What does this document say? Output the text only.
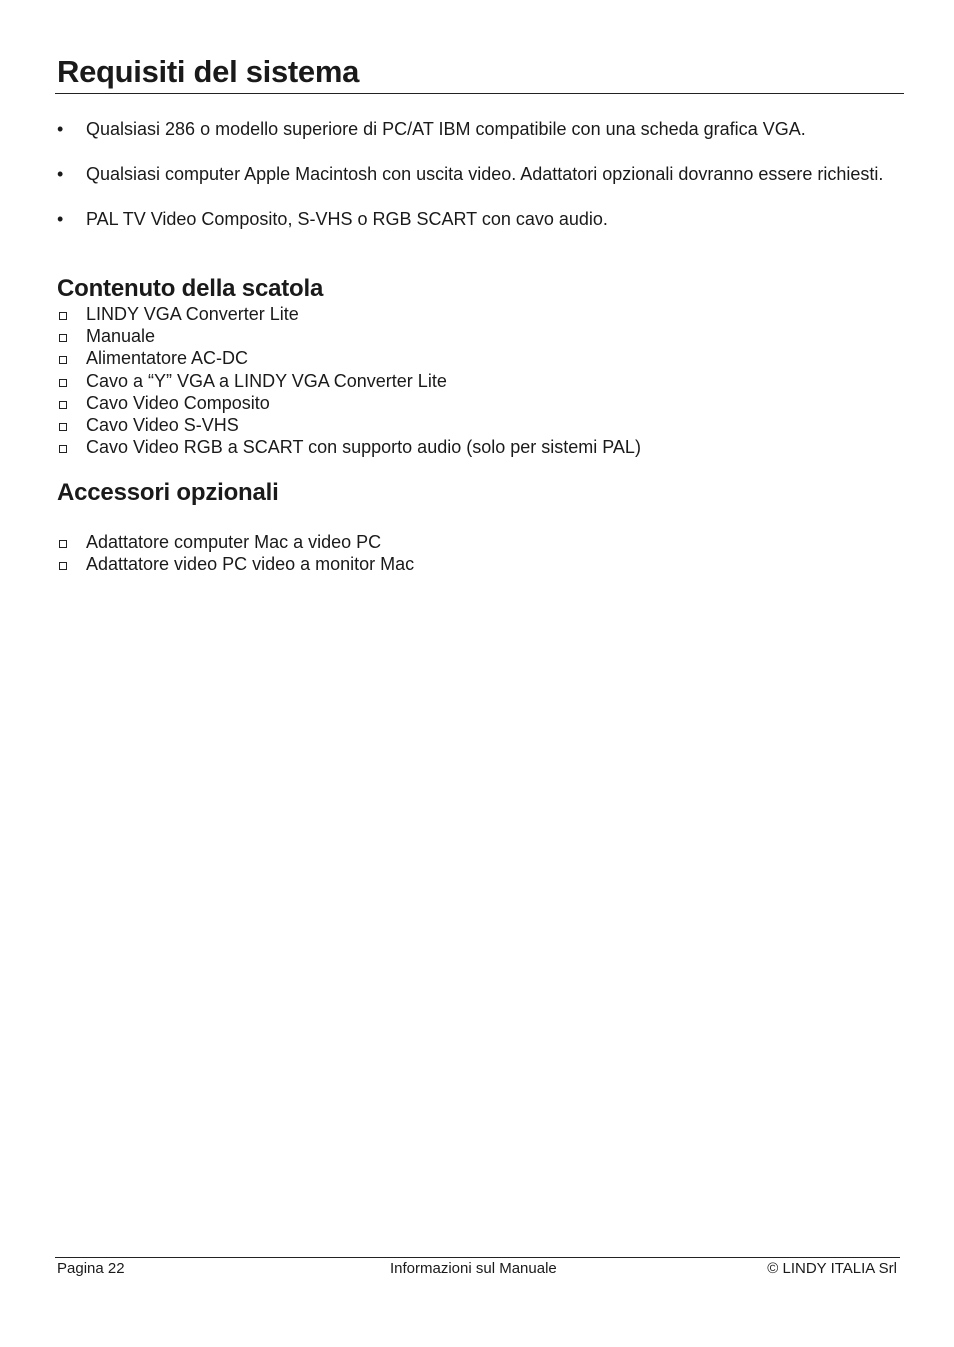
Requisiti del sistema
• Qualsiasi 286 o modello superiore di PC/AT IBM compatibile con una scheda grafica VGA.
• Qualsiasi computer Apple Macintosh con uscita video. Adattatori opzionali dovranno essere richiesti.
• PAL TV Video Composito, S-VHS o RGB SCART con cavo audio.
Contenuto della scatola
LINDY VGA Converter Lite
Manuale
Alimentatore AC-DC
Cavo a “Y” VGA a LINDY VGA Converter Lite
Cavo Video Composito
Cavo Video S-VHS
Cavo Video RGB a SCART con supporto audio (solo per sistemi PAL)
Accessori opzionali
Adattatore computer Mac a video PC
Adattatore video PC video a monitor Mac
Pagina 22	Informazioni sul Manuale	© LINDY ITALIA Srl
